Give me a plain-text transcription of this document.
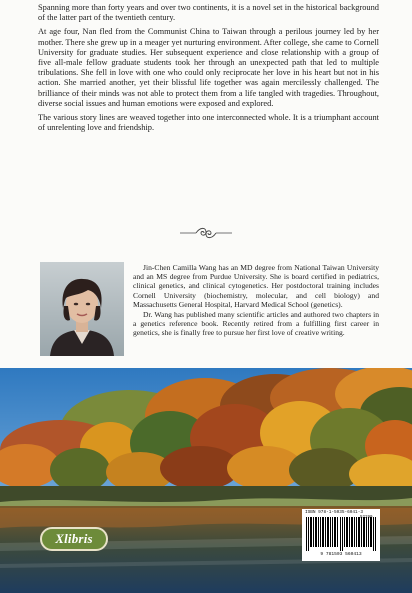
Spanning more than forty years and over two continents, it is a novel set in the historical background of the latter part of the twentieth century.

At age four, Nan fled from the Communist China to Taiwan through a perilous journey led by her mother. There she grew up in a meager yet nurturing environment. After college, she came to Cornell University for graduate studies. Her subsequent experience and close relationship with a group of five all-male fellow graduate students took her through an unexpected path that led to multiple tribulations. She fell in love with one who could only reciprocate her love in his heart but not in his action. She married another, yet their blissful life together was again mercilessly challenged. The brilliance of their minds was not able to protect them from a life tangled with tragedies. Throughout, diverse social issues and human emotions were exposed and explored.

The various story lines are weaved together into one interconnected whole. It is a triumphant account of unrelenting love and friendship.

Jin-Chen Camilla Wang has an MD degree from National Taiwan University and an MS degree from Purdue University. She is board certified in pediatrics, clinical genetics, and clinical cytogenetics. Her postdoctoral training includes Cornell University (biochemistry, molecular, and cell biology) and Massachusetts General Hospital, Harvard Medical School (genetics).

Dr. Wang has published many scientific articles and authored two chapters in a genetics reference book. Recently retired from a fulfilling first career in genetics, she is finally free to pursue her first love of creative writing.

Xlibris
ISBN 978-1-5035-6041-3
9 781503 560413
